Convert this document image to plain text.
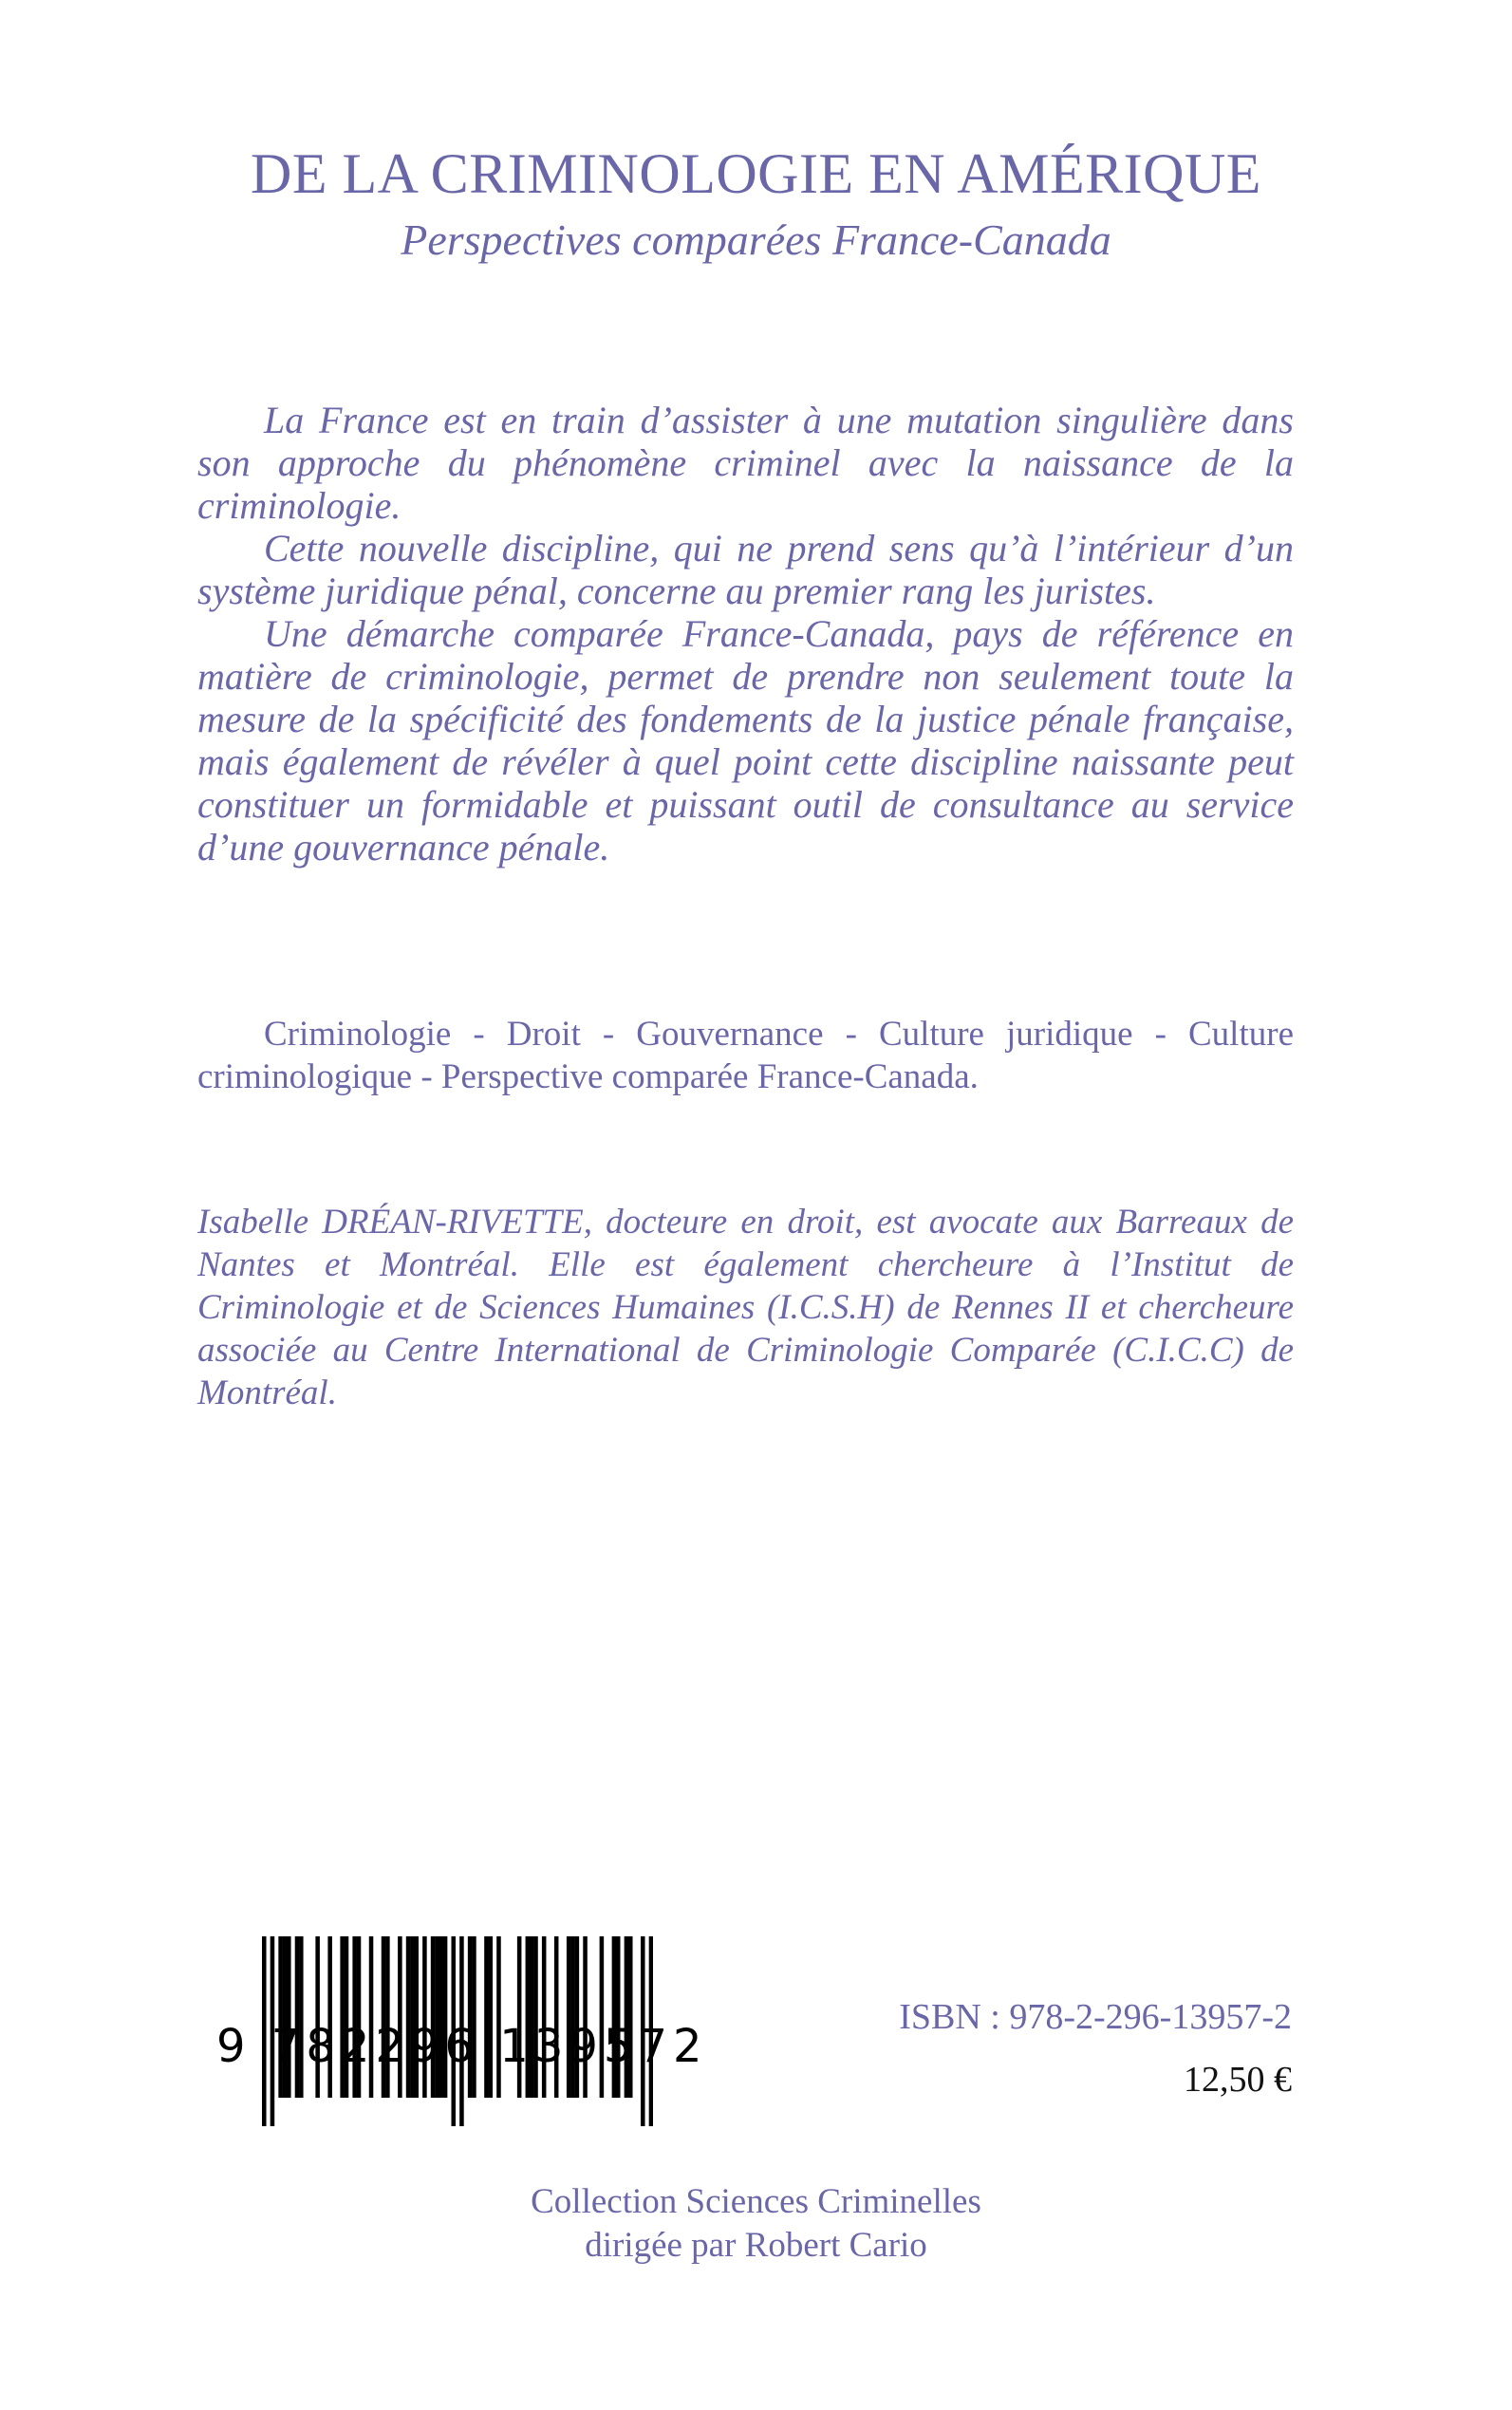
DE LA CRIMINOLOGIE EN AMÉRIQUE
Perspectives comparées France-Canada

La France est en train d’assister à une mutation singulière dans son approche du phénomène criminel avec la naissance de la criminologie.

Cette nouvelle discipline, qui ne prend sens qu’à l’intérieur d’un système juridique pénal, concerne au premier rang les juristes.

Une démarche comparée France-Canada, pays de référence en matière de criminologie, permet de prendre non seulement toute la mesure de la spécificité des fondements de la justice pénale française, mais également de révéler à quel point cette discipline naissante peut constituer un formidable et puissant outil de consultance au service d’une gouvernance pénale.

Criminologie - Droit - Gouvernance - Culture juridique - Culture criminologique - Perspective comparée France-Canada.

Isabelle DRÉAN-RIVETTE, docteure en droit, est avocate aux Barreaux de Nantes et Montréal. Elle est également chercheure à l’Institut de Criminologie et de Sciences Humaines (I.C.S.H) de Rennes II et chercheure associée au Centre International de Criminologie Comparée (C.I.C.C) de Montréal.

9 782296 139572
ISBN : 978-2-296-13957-2
12,50 €
Collection Sciences Criminelles
dirigée par Robert Cario
